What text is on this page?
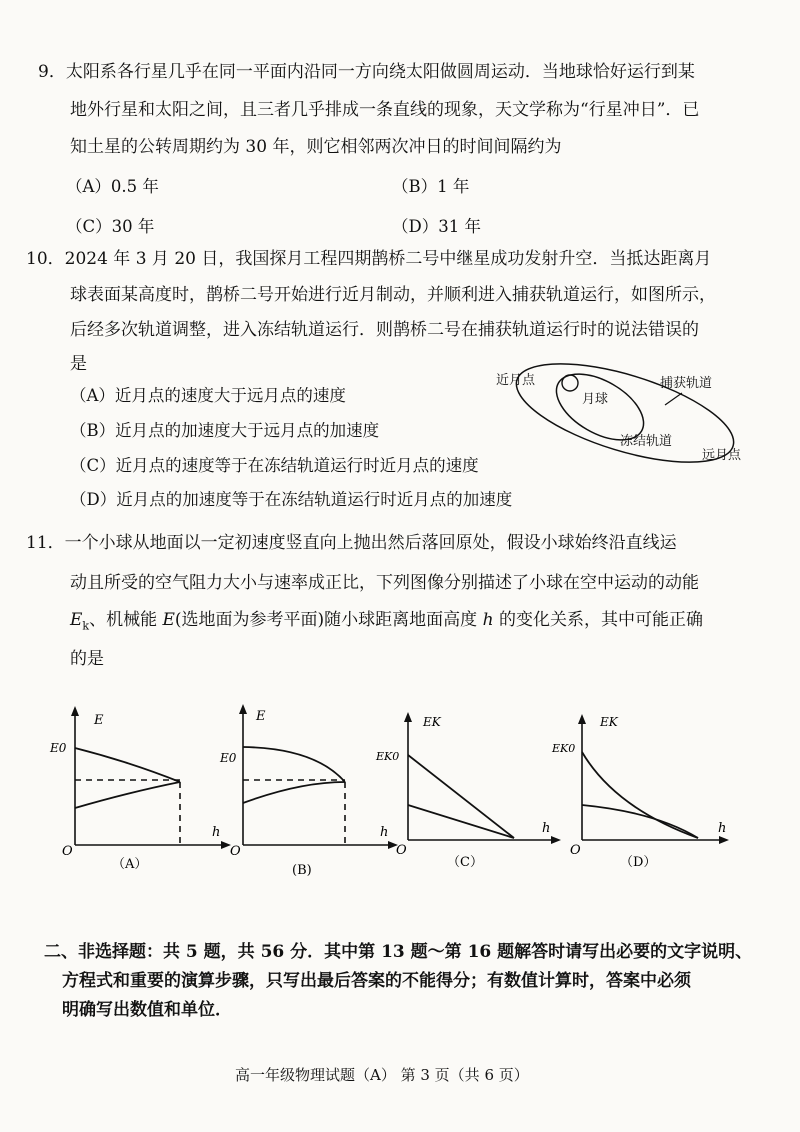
9．太阳系各行星几乎在同一平面内沿同一方向绕太阳做圆周运动．当地球恰好运行到某
地外行星和太阳之间，且三者几乎排成一条直线的现象，天文学称为“行星冲日”．已
知土星的公转周期约为 30 年，则它相邻两次冲日的时间间隔约为
（A）0.5 年	（B）1 年
（C）30 年	（D）31 年
10．2024 年 3 月 20 日，我国探月工程四期鹊桥二号中继星成功发射升空．当抵达距离月
球表面某高度时，鹊桥二号开始进行近月制动，并顺利进入捕获轨道运行，如图所示，
后经多次轨道调整，进入冻结轨道运行．则鹊桥二号在捕获轨道运行时的说法错误的
是
（A）近月点的速度大于远月点的速度
（B）近月点的加速度大于远月点的加速度
（C）近月点的速度等于在冻结轨道运行时近月点的速度
（D）近月点的加速度等于在冻结轨道运行时近月点的加速度
近月点
月球
捕获轨道
冻结轨道
远月点
11．一个小球从地面以一定初速度竖直向上抛出然后落回原处，假设小球始终沿直线运
动且所受的空气阻力大小与速率成正比，下列图像分别描述了小球在空中运动的动能
$E_k$、机械能 E(选地面为参考平面)随小球距离地面高度 h 的变化关系，其中可能正确
的是
E
E0
h
O
（A）
E
E0
h
O
(B)
EK
EK0
h
O
（C）
EK
EK0
h
O
（D）
二、非选择题：共 5 题，共 56 分．其中第 13 题～第 16 题解答时请写出必要的文字说明、
方程式和重要的演算步骤，只写出最后答案的不能得分；有数值计算时，答案中必须
明确写出数值和单位．
高一年级物理试题（A） 第 3 页（共 6 页）
